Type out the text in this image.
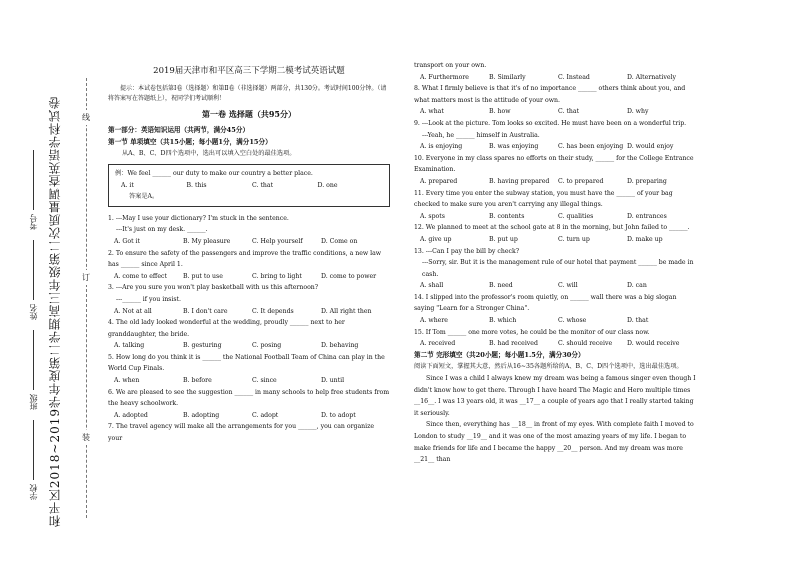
和平区2018~2019学年度第二学期高三年级第二次质量调查英语学科试卷	线
订
装
考号
姓名
班级
学校
2019届天津市和平区高三下学期二模考试英语试题

提示：本试卷包括第Ⅰ卷（选择题）和第Ⅱ卷（非选择题）两部分，共130分。考试时间100分钟。（请将答案写在答题纸上），祝同学们考试顺利！

第一卷 选择题（共95分）

第一部分：英语知识运用（共两节，满分45分）

第一节 单项填空（共15小题；每小题1分，满分15分）

从A、B、C、D四个选项中，选出可以填入空白处的最佳选项。

例：We feel ______ our duty to make our country a better place.

A. it	B. this	C. that	D. one

答案是A。

1. ---May I use your dictionary? I'm stuck in the sentence.

---It's just on my desk. ______.

A. Got it	B. My pleasure	C. Help yourself	D. Come on

2. To ensure the safety of the passengers and improve the traffic conditions, a new law has ______ since April 1.

A. come to effect	B. put to use	C. bring to light	D. come to power

3. ---Are you sure you won't play basketball with us this afternoon?

---______ if you insist.

A. Not at all	B. I don't care	C. It depends	D. All right then

4. The old lady looked wonderful at the wedding, proudly ______ next to her granddaughter, the bride.

A. talking	B. gesturing	C. posing	D. behaving

5. How long do you think it is ______ the National Football Team of China can play in the World Cup Finals.

A. when	B. before	C. since	D. until

6. We are pleased to see the suggestion ______ in many schools to help free students from the heavy schoolwork.

A. adopted	B. adopting	C. adopt	D. to adopt

7. The travel agency will make all the arrangements for you ______, you can organize your

transport on your own.

A. Furthermore	B. Similarly	C. Instead	D. Alternatively

8. What I firmly believe is that it's of no importance ______ others think about you, and what matters most is the attitude of your own.

A. what	B. how	C. that	D. why

9. ---Look at the picture. Tom looks so excited. He must have been on a wonderful trip.

---Yeah, he ______ himself in Australia.

A. is enjoying	B. was enjoying	C. has been enjoying D. would enjoy

10. Everyone in my class spares no efforts on their study, ______ for the College Entrance Examination.

A. prepared	B. having prepared	C. to prepared	D. preparing

11. Every time you enter the subway station, you must have the ______ of your bag checked to make sure you aren't carrying any illegal things.

A. spots	B. contents	C. qualities	D. entrances

12. We planned to meet at the school gate at 8 in the morning, but John failed to ______.

A. give up	B. put up	C. turn up	D. make up

13. ---Can I pay the bill by check?

---Sorry, sir. But it is the management rule of our hotel that payment ______ be made in cash.

A. shall	B. need	C. will	D. can

14. I slipped into the professor's room quietly, on ______ wall there was a big slogan saying "Learn for a Stronger China".

A. where	B. which	C. whose	D. that

15. If Tom ______ one more votes, he could be the monitor of our class now.

A. received	B. had received	C. should receive	D. would receive

第二节 完形填空（共20小题；每小题1.5分，满分30分）

阅读下面短文，掌握其大意，然后从16~35各题所给的A、B、C、D四个选项中，选出最佳选项。

Since I was a child I always knew my dream was being a famous singer even though I didn't know how to get there. Through I have heard The Magic and Hero multiple times __16__. I was 13 years old, it was __17__ a couple of years ago that I really started taking it seriously.

Since then, everything has __18__ in front of my eyes. With complete faith I moved to London to study __19__ and it was one of the most amazing years of my life. I began to make friends for life and I became the happy __20__ person. And my dream was more __21__ than
